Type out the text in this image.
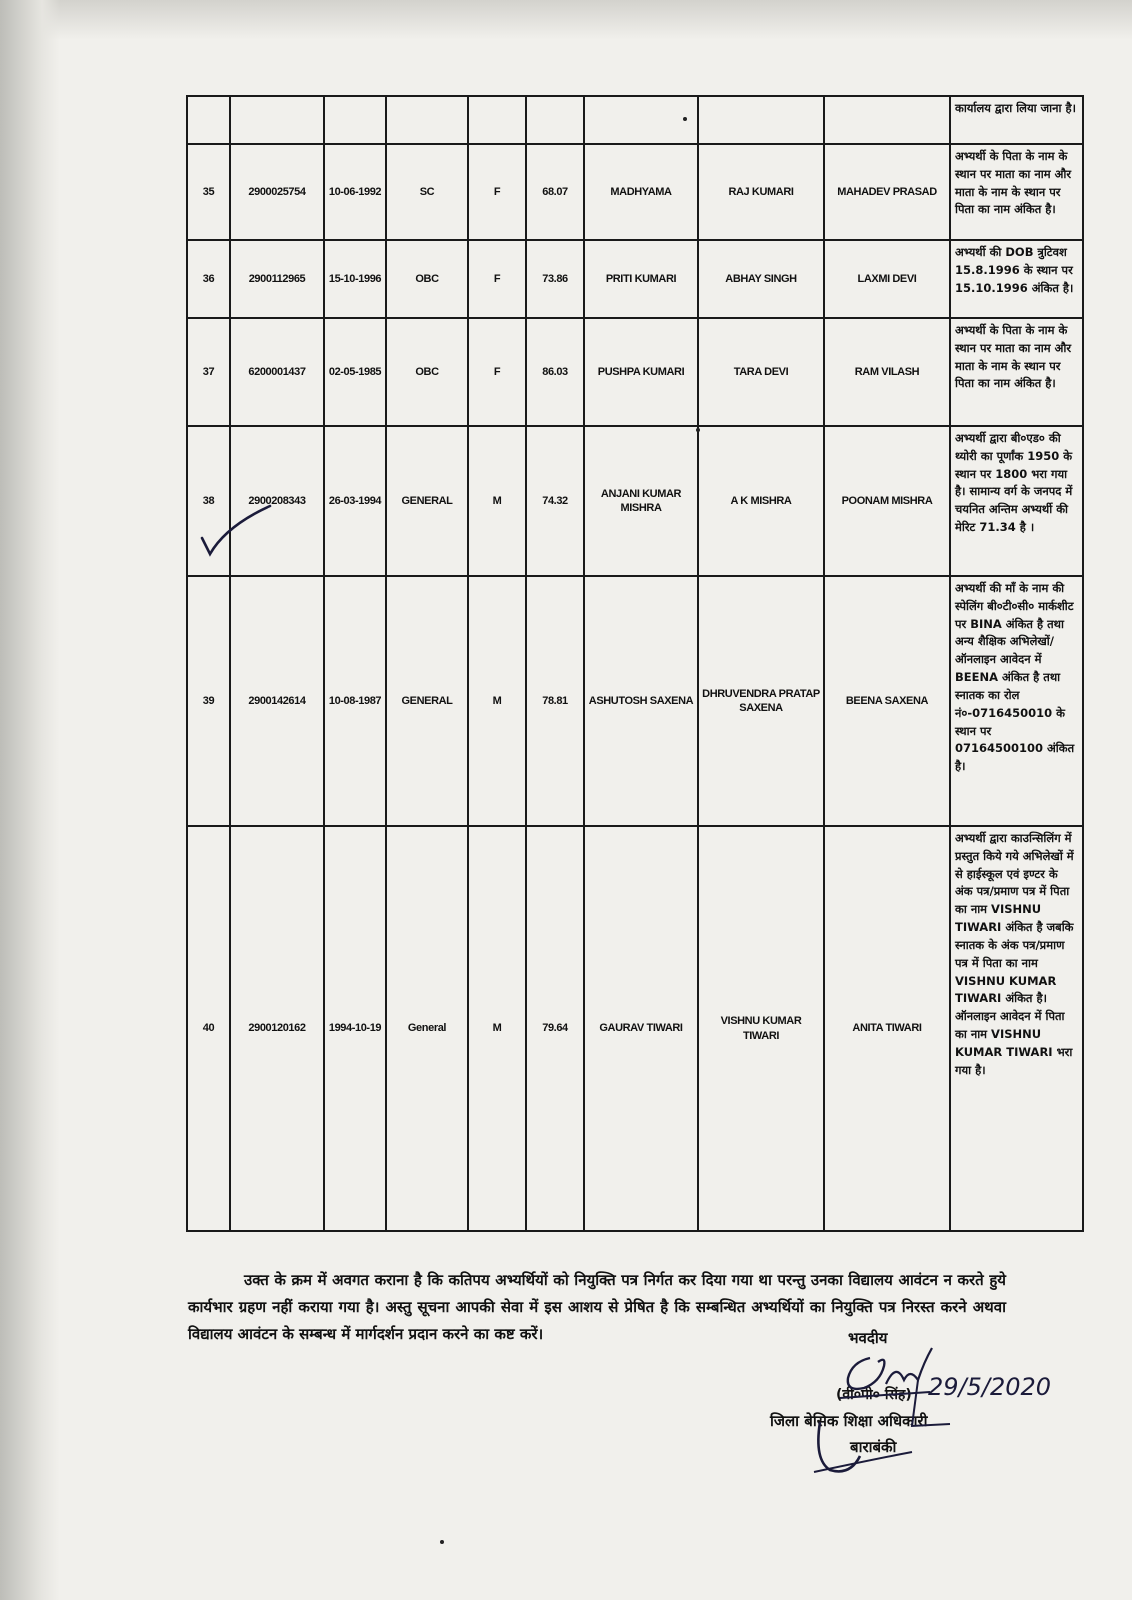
									कार्यालय द्वारा लिया जाना है।
35	2900025754	10-06-1992	SC	F	68.07	MADHYAMA	RAJ KUMARI	MAHADEV PRASAD	अभ्यर्थी के पिता के नाम के स्थान पर माता का नाम और माता के नाम के स्थान पर पिता का नाम अंकित है।
36	2900112965	15-10-1996	OBC	F	73.86	PRITI KUMARI	ABHAY SINGH	LAXMI DEVI	अभ्यर्थी की DOB त्रुटिवश 15.8.1996 के स्थान पर 15.10.1996 अंकित है।
37	6200001437	02-05-1985	OBC	F	86.03	PUSHPA KUMARI	TARA DEVI	RAM VILASH	अभ्यर्थी के पिता के नाम के स्थान पर माता का नाम और माता के नाम के स्थान पर पिता का नाम अंकित है।
38	2900208343	26-03-1994	GENERAL	M	74.32	ANJANI KUMAR MISHRA	A K MISHRA	POONAM MISHRA	अभ्यर्थी द्वारा बी०एड० की थ्योरी का पूर्णांक 1950 के स्थान पर 1800 भरा गया है। सामान्य वर्ग के जनपद में चयनित अन्तिम अभ्यर्थी की मेरिट 71.34 है ।
39	2900142614	10-08-1987	GENERAL	M	78.81	ASHUTOSH SAXENA	DHRUVENDRA PRATAP SAXENA	BEENA SAXENA	अभ्यर्थी की माँ के नाम की स्पेलिंग बी०टी०सी० मार्कशीट पर BINA अंकित है तथा अन्य शैक्षिक अभिलेखों/ऑनलाइन आवेदन में BEENA अंकित है तथा स्नातक का रोल नं०-0716450010 के स्थान पर 07164500100 अंकित है।
40	2900120162	1994-10-19	General	M	79.64	GAURAV TIWARI	VISHNU KUMAR TIWARI	ANITA TIWARI	अभ्यर्थी द्वारा काउन्सिलिंग में प्रस्तुत किये गये अभिलेखों में से हाईस्कूल एवं इण्टर के अंक पत्र/प्रमाण पत्र में पिता का नाम VISHNU TIWARI अंकित है जबकि स्नातक के अंक पत्र/प्रमाण पत्र में पिता का नाम VISHNU KUMAR TIWARI अंकित है। ऑनलाइन आवेदन में पिता का नाम VISHNU KUMAR TIWARI भरा गया है।

उक्त के क्रम में अवगत कराना है कि कतिपय अभ्यर्थियों को नियुक्ति पत्र निर्गत कर दिया गया था परन्तु उनका विद्यालय आवंटन न करते हुये कार्यभार ग्रहण नहीं कराया गया है। अस्तु सूचना आपकी सेवा में इस आशय से प्रेषित है कि सम्बन्धित अभ्यर्थियों का नियुक्ति पत्र निरस्त करने अथवा विद्यालय आवंटन के सम्बन्ध में मार्गदर्शन प्रदान करने का कष्ट करें।	भवदीय
(वी०पी० सिंह)
जिला बेसिक शिक्षा अधिकारी
बाराबंकी
29/5/2020
